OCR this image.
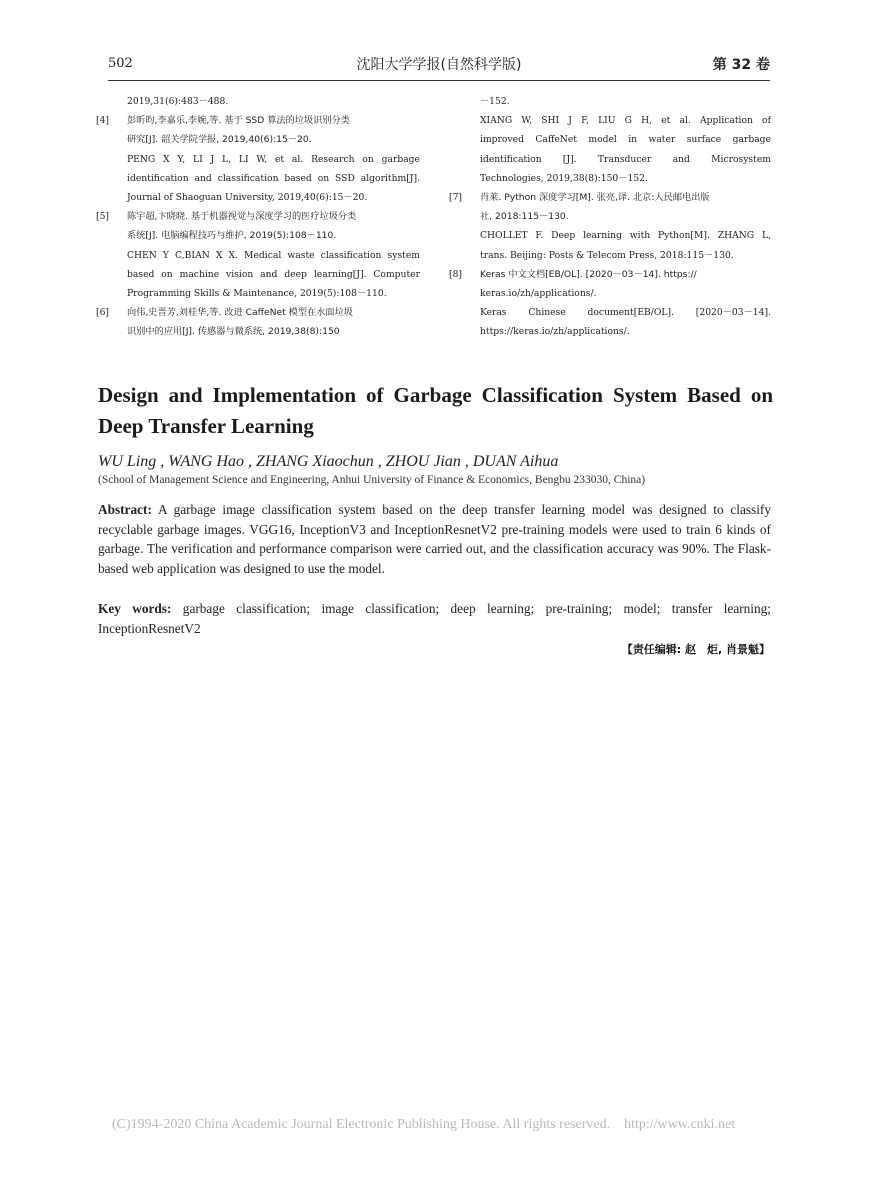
502	沈阳大学学报(自然科学版)	第 32 卷
2019,31(6):483－488.
[4] 彭昕昀,李嘉乐,李婉,等. 基于 SSD 算法的垃圾识别分类
研究[J]. 韶关学院学报, 2019,40(6):15－20.
PENG X Y, LI J L, LI W, et al. Research on garbage
identification and classification based on SSD algorithm[J].
Journal of Shaoguan University, 2019,40(6):15－20.
[5] 陈宇超,卞晓晓. 基于机器视觉与深度学习的医疗垃圾分类
系统[J]. 电脑编程技巧与维护, 2019(5):108－110.
CHEN Y C,BIAN X X. Medical waste classification system
based on machine vision and deep learning[J]. Computer
Programming Skills & Maintenance, 2019(5):108－110.
[6] 向伟,史晋芳,刘桂华,等. 改进 CaffeNet 模型在水面垃圾
识别中的应用[J]. 传感器与微系统, 2019,38(8):150
－152.
XIANG W, SHI J F, LIU G H, et al. Application of
improved CaffeNet model in water surface garbage
identification [J]. Transducer and Microsystem
Technologies, 2019,38(8):150－152.
[7] 肖莱. Python 深度学习[M]. 张亮,译. 北京:人民邮电出版
社, 2018:115－130.
CHOLLET F. Deep learning with Python[M]. ZHANG L,
trans. Beijing: Posts & Telecom Press, 2018:115－130.
[8] Keras 中文文档[EB/OL]. [2020－03－14]. https://
keras.io/zh/applications/.
Keras Chinese document[EB/OL]. [2020－03－14].
https://keras.io/zh/applications/.
Design and Implementation of Garbage Classification System Based on Deep Transfer Learning
WU Ling , WANG Hao , ZHANG Xiaochun , ZHOU Jian , DUAN Aihua
(School of Management Science and Engineering, Anhui University of Finance & Economics, Bengbu 233030, China)
Abstract: A garbage image classification system based on the deep transfer learning model was designed to classify recyclable garbage images. VGG16, InceptionV3 and InceptionResnetV2 pre-training models were used to train 6 kinds of garbage. The verification and performance comparison were carried out, and the classification accuracy was 90%. The Flask-based web application was designed to use the model.
Key words: garbage classification; image classification; deep learning; pre-training; model; transfer learning; InceptionResnetV2
【责任编辑: 赵　炬, 肖景魁】
(C)1994-2020 China Academic Journal Electronic Publishing House. All rights reserved. http://www.cnki.net
